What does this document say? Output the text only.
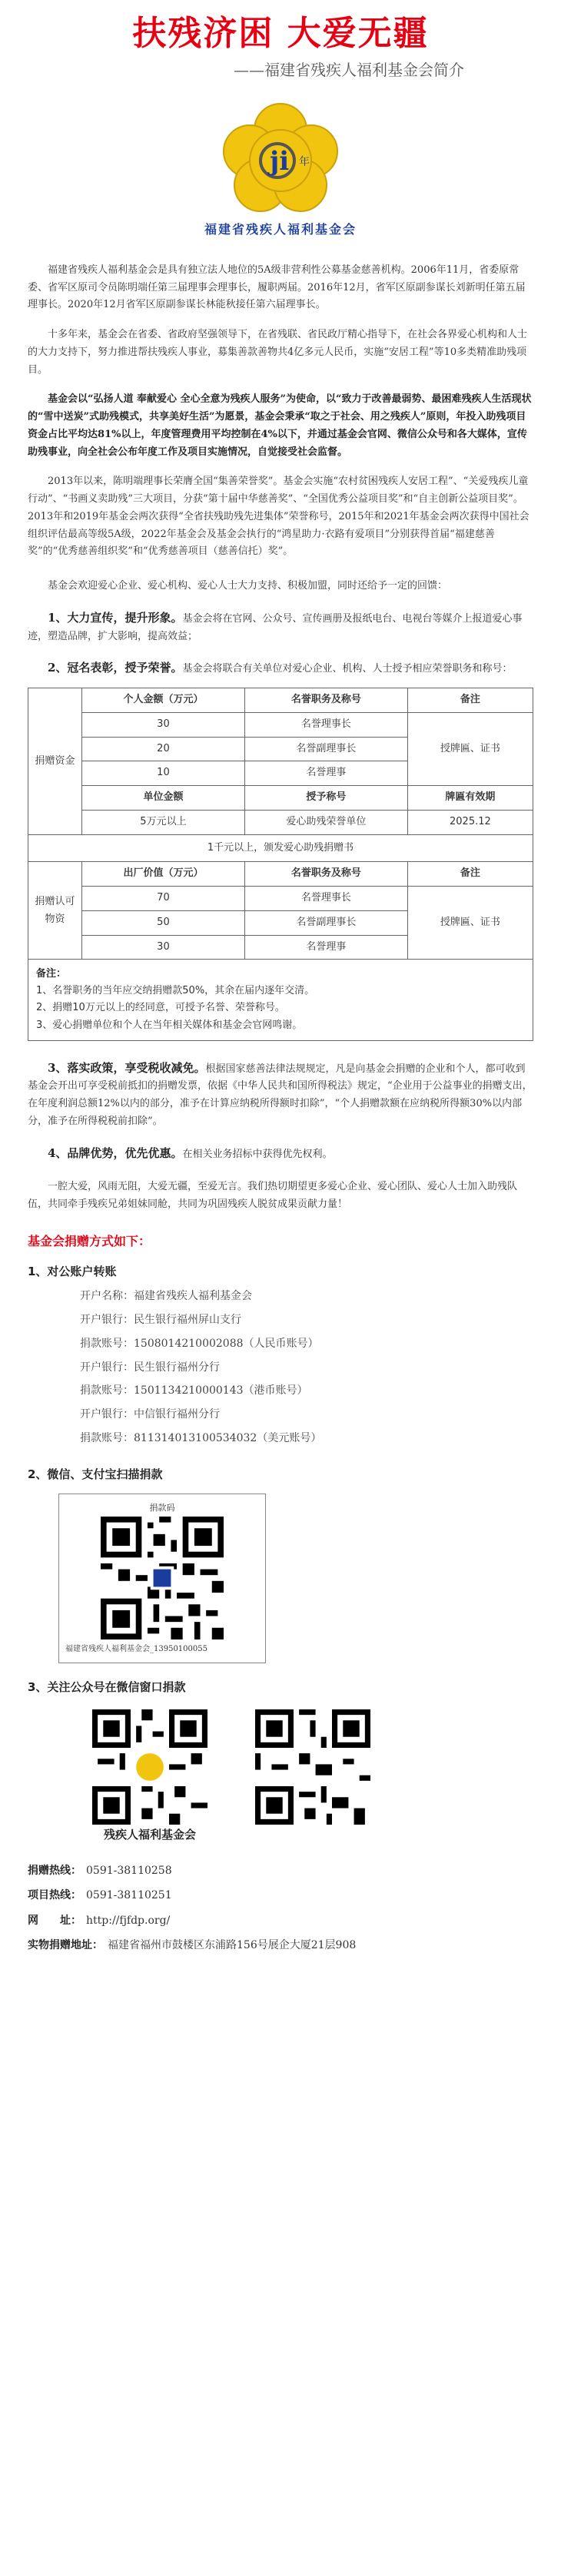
扶残济困 大爱无疆
——福建省残疾人福利基金会简介
ji 年
福建省残疾人福利基金会

福建省残疾人福利基金会是具有独立法人地位的5A级非营利性公募基金慈善机构。2006年11月，省委原常委、省军区原司令员陈明端任第三届理事会理事长，履职两届。2016年12月，省军区原副参谋长刘新明任第五届理事长。2020年12月省军区原副参谋长林能秋接任第六届理事长。

十多年来，基金会在省委、省政府坚强领导下，在省残联、省民政厅精心指导下，在社会各界爱心机构和人士的大力支持下，努力推进帮扶残疾人事业，募集善款善物共4亿多元人民币，实施“安居工程”等10多类精准助残项目。

基金会以“弘扬人道 奉献爱心 全心全意为残疾人服务”为使命，以“致力于改善最弱势、最困难残疾人生活现状的“雪中送炭”式助残模式，共享美好生活”为愿景，基金会秉承“取之于社会、用之残疾人”原则，年投入助残项目资金占比平均达81%以上，年度管理费用平均控制在4%以下，并通过基金会官网、微信公众号和各大媒体，宣传助残事业，向全社会公布年度工作及项目实施情况，自觉接受社会监督。

2013年以来，陈明端理事长荣膺全国“集善荣誉奖”。基金会实施“农村贫困残疾人安居工程”、“关爱残疾儿童行动”、“书画义卖助残”三大项目，分获“第十届中华慈善奖”、“全国优秀公益项目奖”和“自主创新公益项目奖”。2013年和2019年基金会两次获得“全省扶残助残先进集体”荣誉称号，2015年和2021年基金会两次获得中国社会组织评估最高等级5A级，2022年基金会及基金会执行的“鸿星助力·衣路有爱项目”分别获得首届“福建慈善奖”的“优秀慈善组织奖”和“优秀慈善项目（慈善信托）奖”。

基金会欢迎爱心企业、爱心机构、爱心人士大力支持、积极加盟，同时还给予一定的回馈：

1、大力宣传，提升形象。基金会将在官网、公众号、宣传画册及报纸电台、电视台等媒介上报道爱心事迹，塑造品牌，扩大影响，提高效益；

2、冠名表彰，授予荣誉。基金会将联合有关单位对爱心企业、机构、人士授予相应荣誉职务和称号：

捐赠资金	个人金额（万元）	名誉职务及称号	备注
	30	名誉理事长	授牌匾、证书
	20	名誉副理事长	
	10	名誉理事	
	单位金额	授予称号	牌匾有效期
	5万元以上	爱心助残荣誉单位	2025.12
1千元以上，颁发爱心助残捐赠书			
捐赠认可物资	出厂价值（万元）	名誉职务及称号	备注
	70	名誉理事长	授牌匾、证书
	50	名誉副理事长	
	30	名誉理事	
备注：
1、名誉职务的当年应交纳捐赠款50%，其余在届内逐年交清。
2、捐赠10万元以上的经同意，可授予名誉、荣誉称号。
3、爱心捐赠单位和个人在当年相关媒体和基金会官网鸣谢。			

3、落实政策，享受税收减免。根据国家慈善法律法规规定，凡是向基金会捐赠的企业和个人，都可收到基金会开出可享受税前抵扣的捐赠发票，依据《中华人民共和国所得税法》规定，“企业用于公益事业的捐赠支出，在年度利润总额12%以内的部分，准予在计算应纳税所得额时扣除”，“个人捐赠款额在应纳税所得额30%以内部分，准予在所得税税前扣除”。

4、品牌优势，优先优惠。在相关业务招标中获得优先权利。

一腔大爱，风雨无阻，大爱无疆，至爱无言。我们热切期望更多爱心企业、爱心团队、爱心人士加入助残队伍，共同牵手残疾兄弟姐妹同舱，共同为巩固残疾人脱贫成果贡献力量！

基金会捐赠方式如下：
1、对公账户转账
开户名称：福建省残疾人福利基金会
开户银行：民生银行福州屏山支行
捐款账号：150801421000208​8（人民币账号）
开户银行：民生银行福州分行
捐款账号：1501134210000143（港币账号）
开户银行：中信银行福州分行
捐款账号：8113140131005340​32（美元账号）
2、微信、支付宝扫描捐款
捐款码
福建省残疾人福利基金会_13950100055
3、关注公众号在微信窗口捐款
残疾人福利基金会
捐赠热线： 0591-38110258
项目热线： 0591-38110251
网　　址： http://fjfdp.org/
实物捐赠地址： 福建省福州市鼓楼区东浦路156号展企大厦21层908
